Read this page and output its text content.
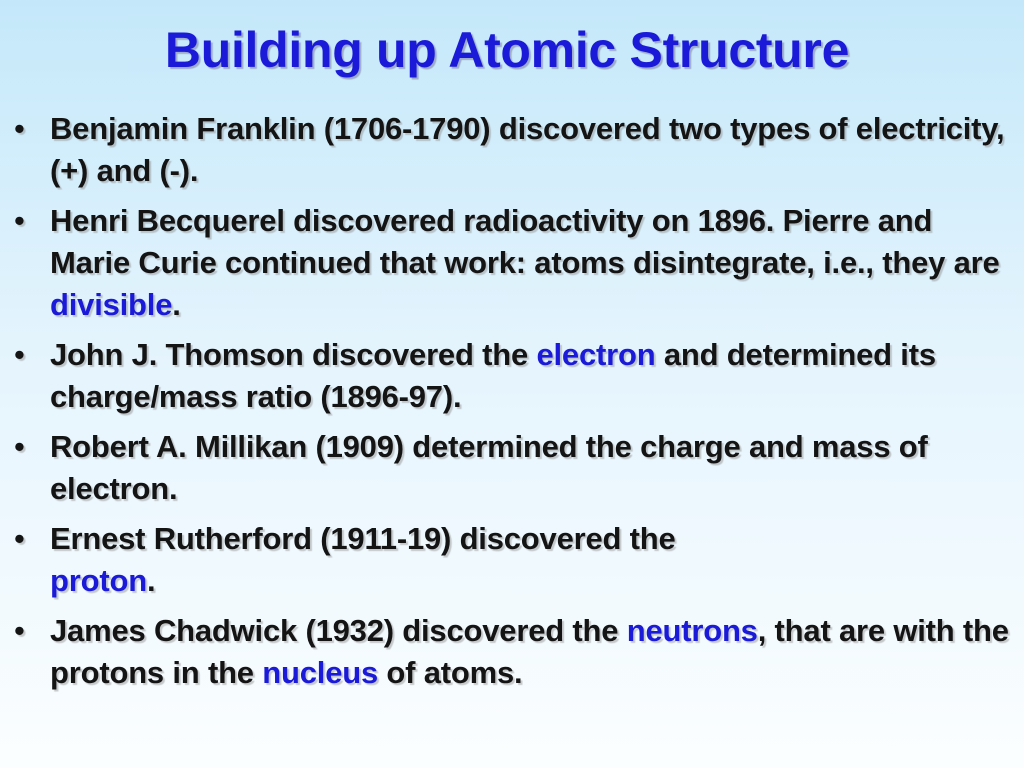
Building up Atomic Structure
• Benjamin Franklin (1706-1790) discovered two types of electricity, (+) and (-).
• Henri Becquerel discovered radioactivity on 1896. Pierre and Marie Curie continued that work: atoms disintegrate, i.e., they are divisible.
• John J. Thomson discovered the electron and determined its charge/mass ratio (1896-97).
• Robert A. Millikan (1909) determined the charge and mass of electron.
• Ernest Rutherford (1911-19) discovered the
proton.
• James Chadwick (1932) discovered the neutrons, that are with the protons in the nucleus of atoms.
